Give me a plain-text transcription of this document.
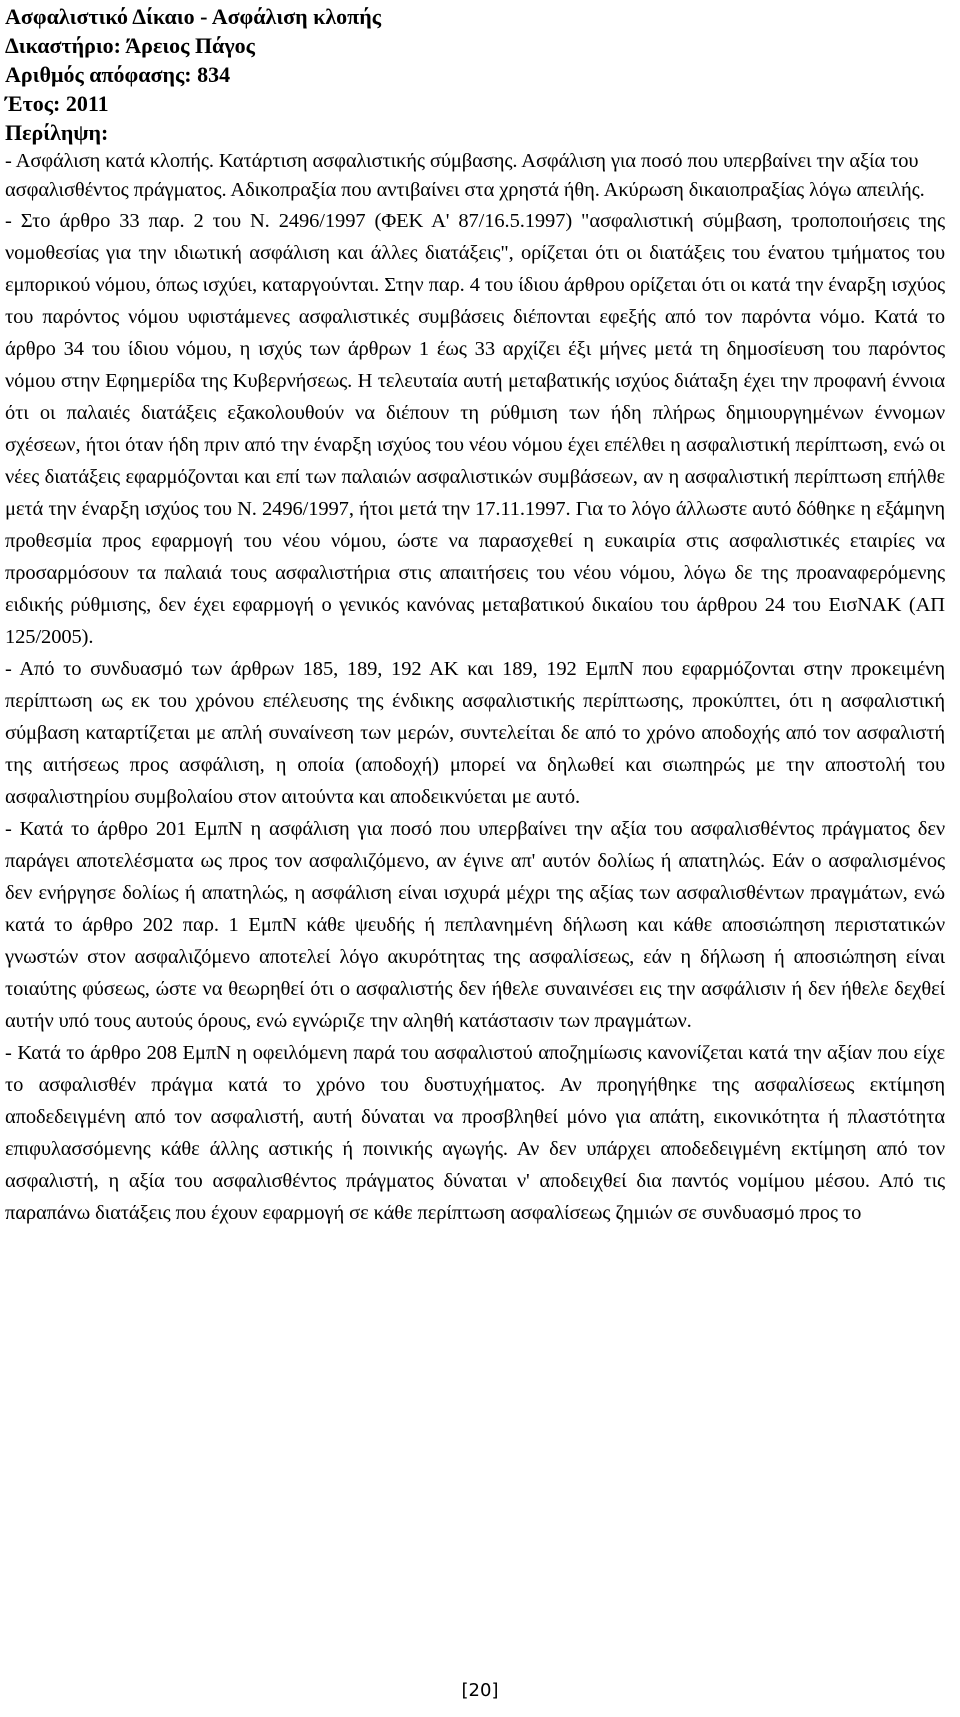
Ασφαλιστικό Δίκαιο - Ασφάλιση κλοπής
Δικαστήριο: Άρειος Πάγος
Αριθμός απόφασης: 834
Έτος: 2011
Περίληψη:

- Ασφάλιση κατά κλοπής. Κατάρτιση ασφαλιστικής σύμβασης. Ασφάλιση για ποσό που υπερβαίνει την αξία του ασφαλισθέντος πράγματος. Αδικοπραξία που αντιβαίνει στα χρηστά ήθη. Ακύρωση δικαιοπραξίας λόγω απειλής.

- Στο άρθρο 33 παρ. 2 του Ν. 2496/1997 (ΦΕΚ Α' 87/16.5.1997) "ασφαλιστική σύμβαση, τροποποιήσεις της νομοθεσίας για την ιδιωτική ασφάλιση και άλλες διατάξεις", ορίζεται ότι οι διατάξεις του ένατου τμήματος του εμπορικού νόμου, όπως ισχύει, καταργούνται. Στην παρ. 4 του ίδιου άρθρου ορίζεται ότι οι κατά την έναρξη ισχύος του παρόντος νόμου υφιστάμενες ασφαλιστικές συμβάσεις διέπονται εφεξής από τον παρόντα νόμο. Κατά το άρθρο 34 του ίδιου νόμου, η ισχύς των άρθρων 1 έως 33 αρχίζει έξι μήνες μετά τη δημοσίευση του παρόντος νόμου στην Εφημερίδα της Κυβερνήσεως. Η τελευταία αυτή μεταβατικής ισχύος διάταξη έχει την προφανή έννοια ότι οι παλαιές διατάξεις εξακολουθούν να διέπουν τη ρύθμιση των ήδη πλήρως δημιουργημένων έννομων σχέσεων, ήτοι όταν ήδη πριν από την έναρξη ισχύος του νέου νόμου έχει επέλθει η ασφαλιστική περίπτωση, ενώ οι νέες διατάξεις εφαρμόζονται και επί των παλαιών ασφαλιστικών συμβάσεων, αν η ασφαλιστική περίπτωση επήλθε μετά την έναρξη ισχύος του Ν. 2496/1997, ήτοι μετά την 17.11.1997. Για το λόγο άλλωστε αυτό δόθηκε η εξάμηνη προθεσμία προς εφαρμογή του νέου νόμου, ώστε να παρασχεθεί η ευκαιρία στις ασφαλιστικές εταιρίες να προσαρμόσουν τα παλαιά τους ασφαλιστήρια στις απαιτήσεις του νέου νόμου, λόγω δε της προαναφερόμενης ειδικής ρύθμισης, δεν έχει εφαρμογή ο γενικός κανόνας μεταβατικού δικαίου του άρθρου 24 του ΕισΝΑΚ (ΑΠ 125/2005).

- Από το συνδυασμό των άρθρων 185, 189, 192 ΑΚ και 189, 192 ΕμπΝ που εφαρμόζονται στην προκειμένη περίπτωση ως εκ του χρόνου επέλευσης της ένδικης ασφαλιστικής περίπτωσης, προκύπτει, ότι η ασφαλιστική σύμβαση καταρτίζεται με απλή συναίνεση των μερών, συντελείται δε από το χρόνο αποδοχής από τον ασφαλιστή της αιτήσεως προς ασφάλιση, η οποία (αποδοχή) μπορεί να δηλωθεί και σιωπηρώς με την αποστολή του ασφαλιστηρίου συμβολαίου στον αιτούντα και αποδεικνύεται με αυτό.

- Κατά το άρθρο 201 ΕμπΝ η ασφάλιση για ποσό που υπερβαίνει την αξία του ασφαλισθέντος πράγματος δεν παράγει αποτελέσματα ως προς τον ασφαλιζόμενο, αν έγινε απ' αυτόν δολίως ή απατηλώς. Εάν ο ασφαλισμένος δεν ενήργησε δολίως ή απατηλώς, η ασφάλιση είναι ισχυρά μέχρι της αξίας των ασφαλισθέντων πραγμάτων, ενώ κατά το άρθρο 202 παρ. 1 ΕμπΝ κάθε ψευδής ή πεπλανημένη δήλωση και κάθε αποσιώπηση περιστατικών γνωστών στον ασφαλιζόμενο αποτελεί λόγο ακυρότητας της ασφαλίσεως, εάν η δήλωση ή αποσιώπηση είναι τοιαύτης φύσεως, ώστε να θεωρηθεί ότι ο ασφαλιστής δεν ήθελε συναινέσει εις την ασφάλισιν ή δεν ήθελε δεχθεί αυτήν υπό τους αυτούς όρους, ενώ εγνώριζε την αληθή κατάστασιν των πραγμάτων.

- Κατά το άρθρο 208 ΕμπΝ η οφειλόμενη παρά του ασφαλιστού αποζημίωσις κανονίζεται κατά την αξίαν που είχε το ασφαλισθέν πράγμα κατά το χρόνο του δυστυχήματος. Αν προηγήθηκε της ασφαλίσεως εκτίμηση αποδεδειγμένη από τον ασφαλιστή, αυτή δύναται να προσβληθεί μόνο για απάτη, εικονικότητα ή πλαστότητα επιφυλασσόμενης κάθε άλλης αστικής ή ποινικής αγωγής. Αν δεν υπάρχει αποδεδειγμένη εκτίμηση από τον ασφαλιστή, η αξία του ασφαλισθέντος πράγματος δύναται ν' αποδειχθεί δια παντός νομίμου μέσου. Από τις παραπάνω διατάξεις που έχουν εφαρμογή σε κάθε περίπτωση ασφαλίσεως ζημιών σε συνδυασμό προς το

[20]
